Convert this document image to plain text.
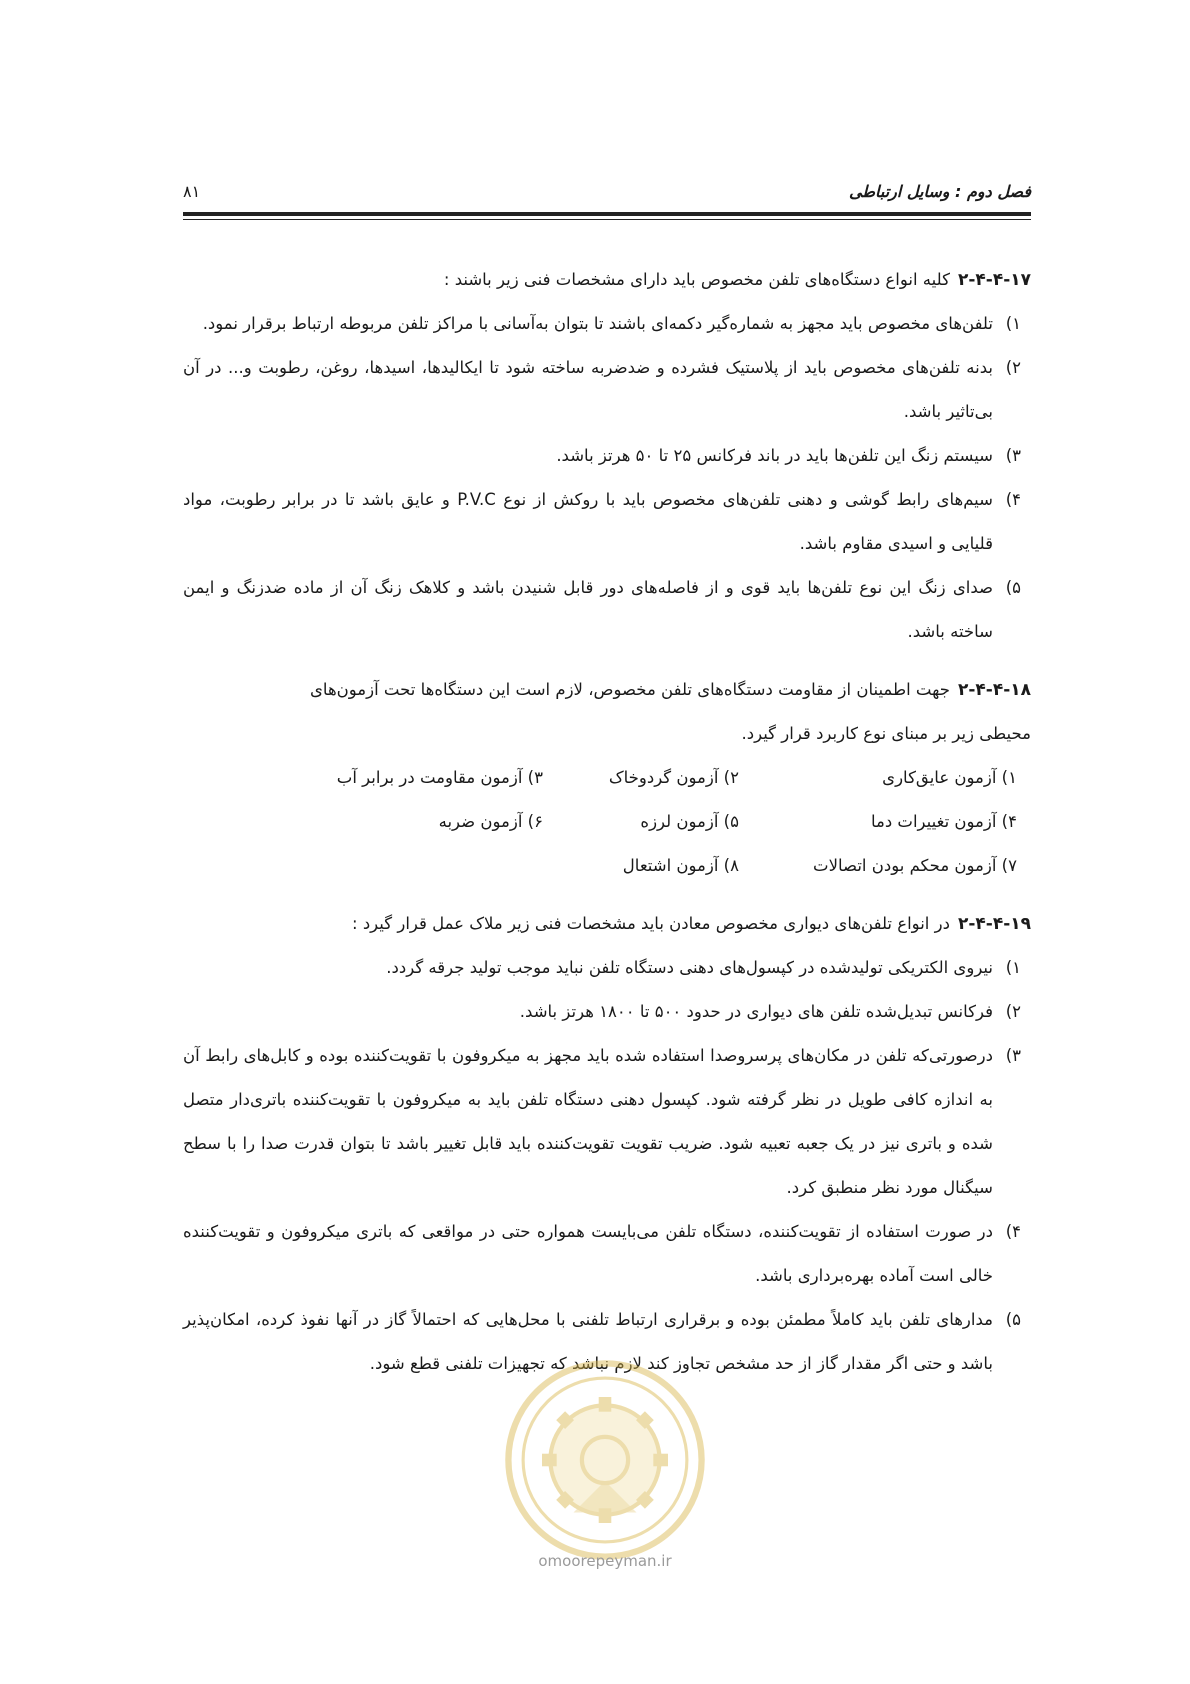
فصل دوم : وسایل ارتباطی
۸۱
۲-۴-۴-۱۷
کلیه انواع دستگاه‌های تلفن مخصوص باید دارای مشخصات فنی زیر باشند :
۱)
تلفن‌های مخصوص باید مجهز به شماره‌گیر دکمه‌ای باشند تا بتوان به‌آسانی با مراکز تلفن مربوطه ارتباط برقرار نمود.
۲)
بدنه تلفن‌های مخصوص باید از پلاستیک فشرده و ضدضربه ساخته شود تا ایکالیدها، اسیدها، روغن، رطوبت و... در آن بی‌تاثیر باشد.
۳)
سیستم زنگ این تلفن‌ها باید در باند فرکانس ۲۵ تا ۵۰ هرتز باشد.
۴)
سیم‌های رابط گوشی و دهنی تلفن‌های مخصوص باید با روکش از نوع P.V.C و عایق باشد تا در برابر رطوبت، مواد قلیایی و اسیدی مقاوم باشد.
۵)
صدای زنگ این نوع تلفن‌ها باید قوی و از فاصله‌های دور قابل شنیدن باشد و کلاهک زنگ آن از ماده ضدزنگ و ایمن ساخته باشد.
۲-۴-۴-۱۸
جهت اطمینان از مقاومت دستگاه‌های تلفن مخصوص، لازم است این دستگاه‌ها تحت آزمون‌های
محیطی زیر بر مبنای نوع کاربرد قرار گیرد.
۱) آزمون عایق‌کاری
۲) آزمون گردوخاک
۳) آزمون مقاومت در برابر آب
۴) آزمون تغییرات دما
۵) آزمون لرزه
۶) آزمون ضربه
۷) آزمون محکم بودن اتصالات
۸) آزمون اشتعال
۲-۴-۴-۱۹
در انواع تلفن‌های دیواری مخصوص معادن باید مشخصات فنی زیر ملاک عمل قرار گیرد :
۱)
نیروی الکتریکی تولیدشده در کپسول‌های دهنی دستگاه تلفن نباید موجب تولید جرقه گردد.
۲)
فرکانس تبدیل‌شده تلفن های دیواری در حدود ۵۰۰ تا ۱۸۰۰ هرتز باشد.
۳)
درصورتی‌که تلفن در مکان‌های پرسروصدا استفاده شده باید مجهز به میکروفون با تقویت‌کننده بوده و کابل‌های رابط آن به اندازه کافی طویل در نظر گرفته شود. کپسول دهنی دستگاه تلفن باید به میکروفون با تقویت‌کننده باتری‌دار متصل شده و باتری نیز در یک جعبه تعبیه شود. ضریب تقویت تقویت‌کننده باید قابل تغییر باشد تا بتوان قدرت صدا را با سطح سیگنال مورد نظر منطبق کرد.
۴)
در صورت استفاده از تقویت‌کننده، دستگاه تلفن می‌بایست همواره حتی در مواقعی که باتری میکروفون و تقویت‌کننده خالی است آماده بهره‌برداری باشد.
۵)
مدارهای تلفن باید کاملاً مطمئن بوده و برقراری ارتباط تلفنی با محل‌هایی که احتمالاً گاز در آنها نفوذ کرده، امکان‌پذیر باشد و حتی اگر مقدار گاز از حد مشخص تجاوز کند لازم نباشد که تجهیزات تلفنی قطع شود.
omoorepeyman.ir
